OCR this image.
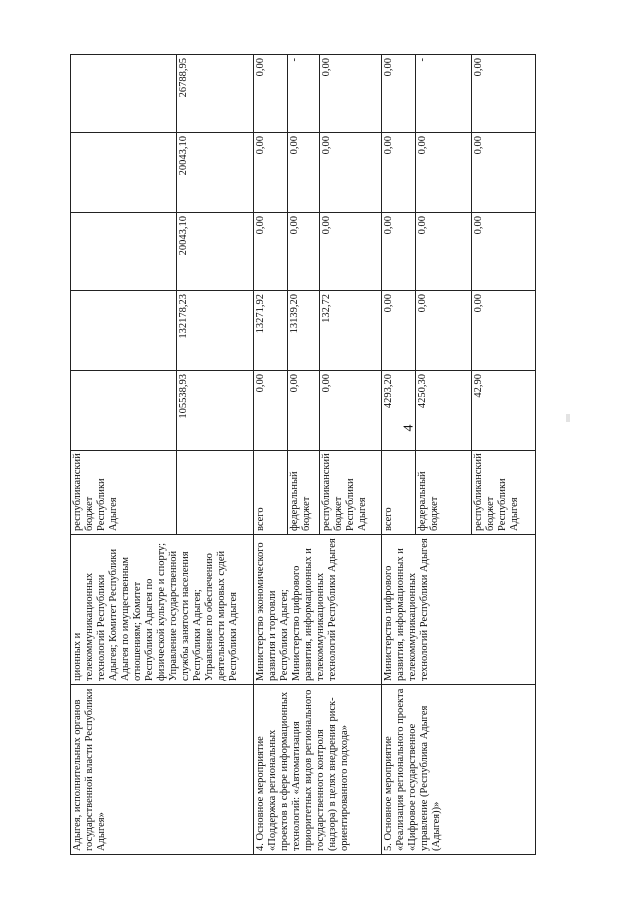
4
Адыгея, исполнительных органов государственной власти Республики Адыгея»	ционных и телекоммуникационных технологий Республики Адыгея; Комитет Республики Адыгея по имущественным отношениям; Комитет Республики Адыгея по физической культуре и спорту; Управление государственной службы занятости населения Республики Адыгея; Управление по обеспечению деятельности мировых судей Республики Адыгея	республиканский бюджет Республики Адыгея					
			105538,93	132178,23	20043,10	20043,10	26788,95
4. Основное мероприятие «Поддержка региональных проектов в сфере информационных технологий: «Автоматизация приоритетных видов регионального государственного контроля (надзора) в целях внедрения риск-ориентированного подхода»	Министерство экономического развития и торговли Республики Адыгея; Министерство цифрового развития, информационных и телекоммуникационных технологий Республики Адыгея	всего	0,00	13271,92	0,00	0,00	0,00
		федеральный бюджет	0,00	13139,20	0,00	0,00	-
		республиканский бюджет Республики Адыгея	0,00	132,72	0,00	0,00	0,00
5. Основное мероприятие «Реализация регионального проекта «Цифровое государственное управление (Республика Адыгея (Адыгея))»	Министерство цифрового развития, информационных и телекоммуникационных технологий Республики Адыгея	всего	4293,20	0,00	0,00	0,00	0,00
		федеральный бюджет	4250,30	0,00	0,00	0,00	-
		республиканский бюджет Республики Адыгея	42,90	0,00	0,00	0,00	0,00
